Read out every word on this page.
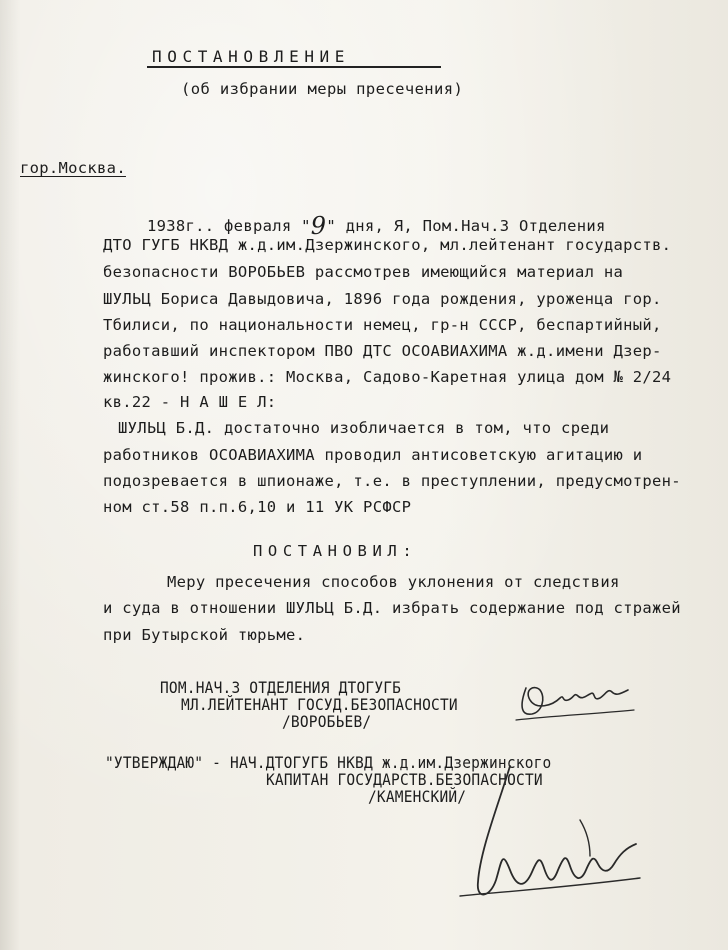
ПОСТАНОВЛЕНИЕ
(об избрании меры пресечения)
гор.Москва.
1938г.. февраля "9" дня, Я, Пом.Нач.3 Отделения
ДТО ГУГБ НКВД ж.д.им.Дзержинского, мл.лейтенант государств.
безопасности ВОРОБЬЕВ рассмотрев имеющийся материал на
ШУЛЬЦ Бориса Давыдовича, 1896 года рождения, уроженца гор.
Тбилиси, по национальности немец, гр-н СССР, беспартийный,
работавший инспектором ПВО ДТС ОСОАВИАХИМА ж.д.имени Дзер-
жинского! прожив.: Москва, Садово-Каретная улица дом № 2/24
кв.22 - Н А Ш Е Л:
ШУЛЬЦ Б.Д. достаточно изобличается в том, что среди
работников ОСОАВИАХИМА проводил антисоветскую агитацию и
подозревается в шпионаже, т.е. в преступлении, предусмотрен-
ном ст.58 п.п.6,10 и 11 УК РСФСР
ПОСТАНОВИЛ:
Меру пресечения способов уклонения от следствия
и суда в отношении ШУЛЬЦ Б.Д. избрать содержание под стражей
при Бутырской тюрьме.
ПОМ.НАЧ.3 ОТДЕЛЕНИЯ ДТОГУГБ
МЛ.ЛЕЙТЕНАНТ ГОСУД.БЕЗОПАСНОСТИ
/ВОРОБЬЕВ/
"УТВЕРЖДАЮ" - НАЧ.ДТОГУГБ НКВД ж.д.им.Дзержинского
КАПИТАН ГОСУДАРСТВ.БЕЗОПАСНОСТИ
/КАМЕНСКИЙ/
